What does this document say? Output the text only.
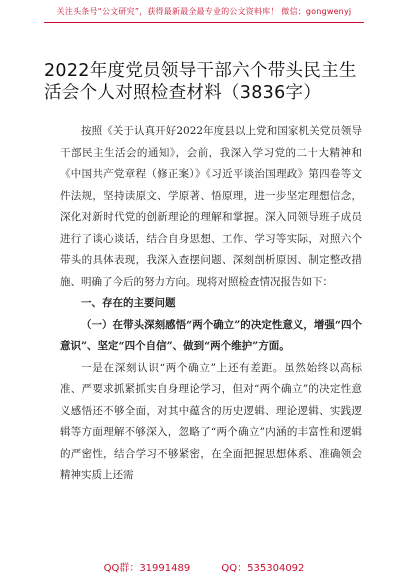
关注头条号“公文研究”，获得最新最全最专业的公文资料库！ 微信：gongwenyj
2022年度党员领导干部六个带头民主生活会个人对照检查材料（3836字）

按照《关于认真开好2022年度县以上党和国家机关党员领导干部民主生活会的通知》，会前，我深入学习党的二十大精神和《中国共产党章程（修正案）》《习近平谈治国理政》第四卷等文件法规，坚持读原文、学原著、悟原理，进一步坚定理想信念，深化对新时代党的创新理论的理解和掌握。深入同领导班子成员进行了谈心谈话，结合自身思想、工作、学习等实际，对照六个带头的具体表现，我深入查摆问题、深刻剖析原因、制定整改措施、明确了今后的努力方向。现将对照检查情况报告如下：

一、存在的主要问题

（一）在带头深刻感悟“两个确立”的决定性意义，增强“四个意识”、坚定“四个自信”、做到“两个维护”方面。

一是在深刻认识“两个确立”上还有差距。虽然始终以高标准、严要求抓紧抓实自身理论学习，但对“两个确立”的决定性意义感悟还不够全面，对其中蕴含的历史逻辑、理论逻辑、实践逻辑等方面理解不够深入，忽略了“两个确立”内涵的丰富性和逻辑的严密性，结合学习不够紧密，在全面把握思想体系、准确领会精神实质上还需

QQ群：31991489	QQ：535304092
